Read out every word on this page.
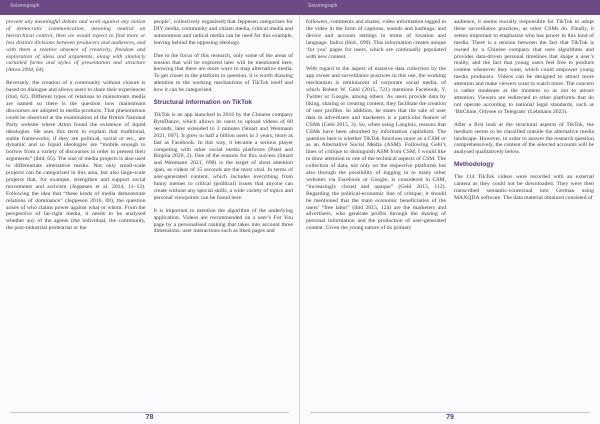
Seismograph

prevent any meaningful debate and work against any notion of democratic communication, meaning neutral an hierarchical control, then we would expect to find more or less distinct divisions between producers and audiences, and with them a relative absence of creativity, freedom and exploration of ideas and arguments, along with similarly curtailed forms and styles of presentation and structure (Atton 2004, 64).

Reversely, the creation of a community without closure is based on dialogue and allows users to share their experiences (ibid, 62). Different types of relations to mainstream media are named so there is the question how mainstream discourses are adopted in media products. That phenomenon could be observed at the examination of the British National Party website where Atton found the existence of liquid ideologies. He uses this term to explain that traditional, stable frameworks, if they are political, social or etc., are dynamic and so liquid ideologies are “mobile enough to borrow from a variety of discourses in order to present their arguments” (ibid, 65). The size of media projects is also used to differentiate alternative media. Not only small-scale projects can be categorised in this area, but also large-scale projects that, for example, strengthen and support social movements and activism (Jeppesen et al. 2014, 11–12). Following the idea that “these kinds of media demonstrate relations of dominance” (Jeppesen 2016, 69), the question arises of who claims power against what or whom. From the perspective of far-right media, it needs to be analysed whether any of the agents (the individual, the community, the post-industrial proletariat or the

people’, collectively organised) that Jeppesen categorises for DIY media, community and citizen media, critical media and autonomous and radical media can be used for this example, leaving behind the opposing ideology.

Due to the focus of this research, only some of the areas of tension that will be explored later will be mentioned here, knowing that there are more ways to map alternative media. To get closer to the platform in question, it is worth drawing attention to the working mechanisms of TikTok itself and how it can be categorised.

Structural information on TikTok

TikTok is an app launched in 2016 by the Chinese company ByteDance, which allows its users to upload videos of 60 seconds, later extended to 3 minutes (Stuart and Wenmann 2021, 697). It grew to half a billion users in 3 years, more as fast as Facebook. In this way, it became a serious player competing with other social media platforms (Patel and Binjola 2020, 2). One of the reasons for this success (Stuart and Wenmann 2021, 698) is the target of short attention span, as videos of 15 seconds are the most viral. In terms of user-generated content, which includes everything from funny memes to critical (political) issues that anyone can create without any special skills, a wide variety of topics and personal viewpoints can be found here.

It is important to mention the algorithm of the underlying application. Videos are recommended on a user’s For You page by a personalised ranking that takes into account three dimensions: user interactions such as liked pages and

78
Seismograph

followers, comments and shares; video information tagged to the video in the form of captions, sounds and hashtags; and device and account settings in terms of location and language. Italics (ibid., 699). This information creates unique ‘for you’ pages for users, which are continually populated with new content.

With regard to the aspect of massive data collection by the app owner and surveillance practices in this use, the working mechanism is reminiscent of corporate social media, of which Robert W. Gehl (2015, 721) mentions Facebook, Y, Twitter or Google, among others. As users provide data by liking, sharing or creating content, they facilitate the creation of user profiles. In addition, he states that the sale of user data to advertisers and marketers is a particular feature of CSMs (Gehl 2015, 3). So, when using Langlois, reasons that CSMs have been absorbed by information capitalism. The question here is whether TikTok functions more as a CSM or as an Alternative Social Media (ASM). Following Gehl’s lines of critique to distinguish ASM from CSM, I would like to draw attention to one of the technical aspects of CSM. The collection of data, not only on the respective platforms but also through the possibility of logging in to many other websites via Facebook or Google, is considered in CSM, “increasingly closed and opaque” (Gehl 2015, 112). Regarding the political-economic line of critique, it should be mentioned that the main economic beneficiaries of the users’ “free labor” (ibid 2015, 124) are the marketers and advertisers, who generate profits through the sharing of personal information and the production of user-generated content. Given the young nature of its primary

audience, it seems morally responsible for TikTok to adopt these surveillance practices, as other CSMs do. Finally, it seems important to emphasise who has power in this kind of media. There is a tension between the fact that TikTok is owned by a Chinese company that uses algorithms and provides data-driven personal timelines that shape a user’s reality, and the fact that young users feel free to produce content whenever they want, which could empower young media producers. Videos can be designed to attract more attention and make viewers want to watch more. The concern is rather moderate at the moment so as not to attract attention. Viewers are redirected to other platforms that do not operate according to national legal standards, such as ‘BitChute, Odysee or Telegram’ (Lehmann 2023).

After a first look at the structural aspects of TikTok, the medium seems to be classified outside the alternative media landscape. However, in order to answer the research question comprehensively, the content of the selected accounts will be analysed qualitatively below.

Methodology

The 114 TikTok videos were recorded with an external camera as they could not be downloaded. They were then transcribed semantic-contextual into German using MAXQDA software. The data material obtained consisted of

79
